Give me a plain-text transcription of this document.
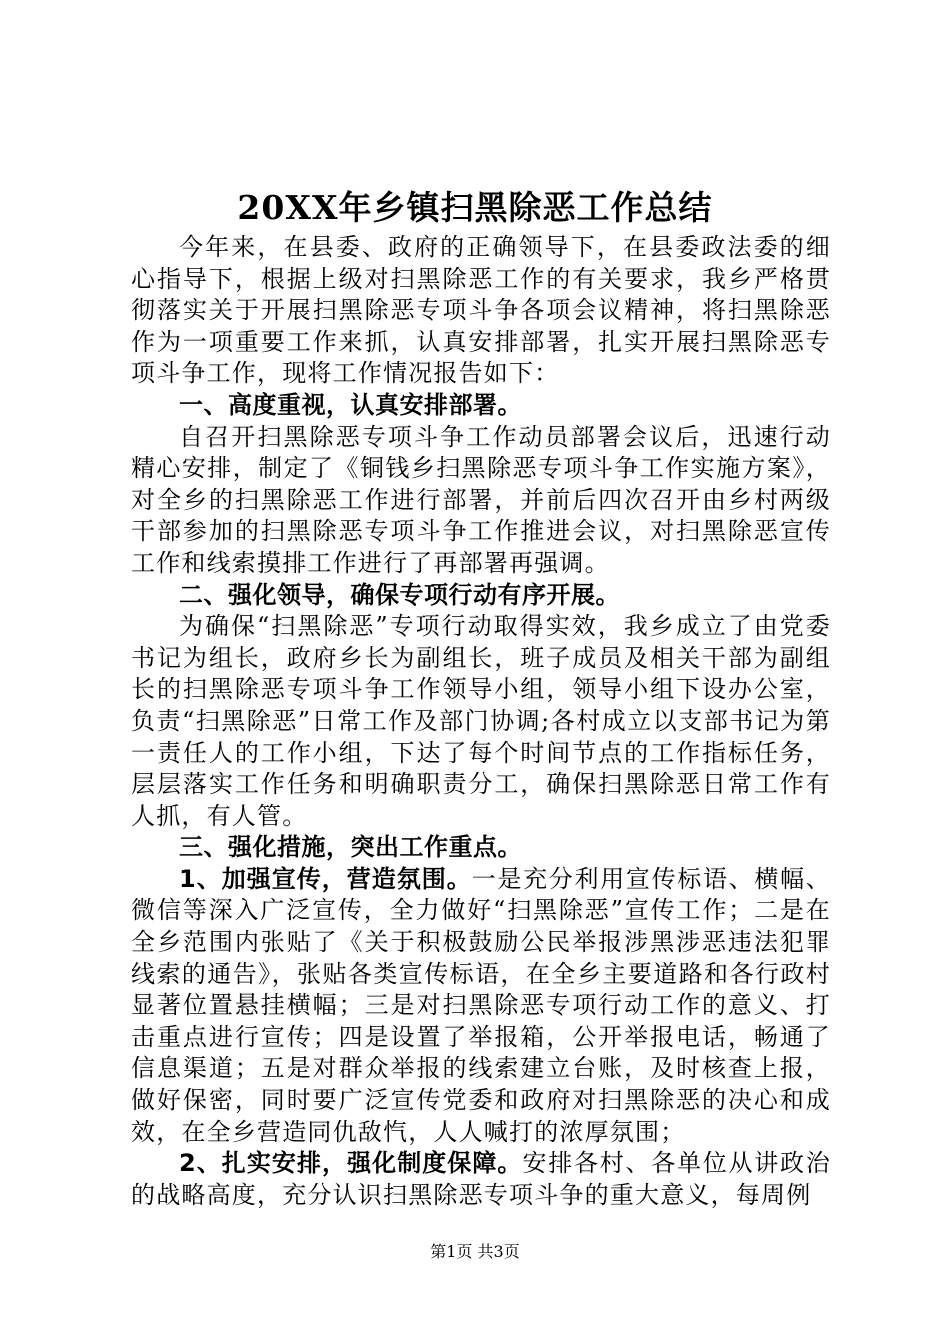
20XX年乡镇扫黑除恶工作总结

今年来，在县委、政府的正确领导下，在县委政法委的细心指导下，根据上级对扫黑除恶工作的有关要求，我乡严格贯彻落实关于开展扫黑除恶专项斗争各项会议精神，将扫黑除恶作为一项重要工作来抓，认真安排部署，扎实开展扫黑除恶专项斗争工作，现将工作情况报告如下：

一、高度重视，认真安排部署。

自召开扫黑除恶专项斗争工作动员部署会议后，迅速行动精心安排，制定了《铜钱乡扫黑除恶专项斗争工作实施方案》，对全乡的扫黑除恶工作进行部署，并前后四次召开由乡村两级干部参加的扫黑除恶专项斗争工作推进会议，对扫黑除恶宣传工作和线索摸排工作进行了再部署再强调。

二、强化领导，确保专项行动有序开展。

为确保“扫黑除恶”专项行动取得实效，我乡成立了由党委书记为组长，政府乡长为副组长，班子成员及相关干部为副组长的扫黑除恶专项斗争工作领导小组，领导小组下设办公室，负责“扫黑除恶”日常工作及部门协调;各村成立以支部书记为第一责任人的工作小组，下达了每个时间节点的工作指标任务，层层落实工作任务和明确职责分工，确保扫黑除恶日常工作有人抓，有人管。

三、强化措施，突出工作重点。

1、加强宣传，营造氛围。一是充分利用宣传标语、横幅、微信等深入广泛宣传，全力做好“扫黑除恶”宣传工作；二是在全乡范围内张贴了《关于积极鼓励公民举报涉黑涉恶违法犯罪线索的通告》，张贴各类宣传标语，在全乡主要道路和各行政村显著位置悬挂横幅；三是对扫黑除恶专项行动工作的意义、打击重点进行宣传；四是设置了举报箱，公开举报电话，畅通了信息渠道；五是对群众举报的线索建立台账，及时核查上报，做好保密，同时要广泛宣传党委和政府对扫黑除恶的决心和成效，在全乡营造同仇敌忾，人人喊打的浓厚氛围；

2、扎实安排，强化制度保障。安排各村、各单位从讲政治的战略高度，充分认识扫黑除恶专项斗争的重大意义，每周例

第1页 共3页
